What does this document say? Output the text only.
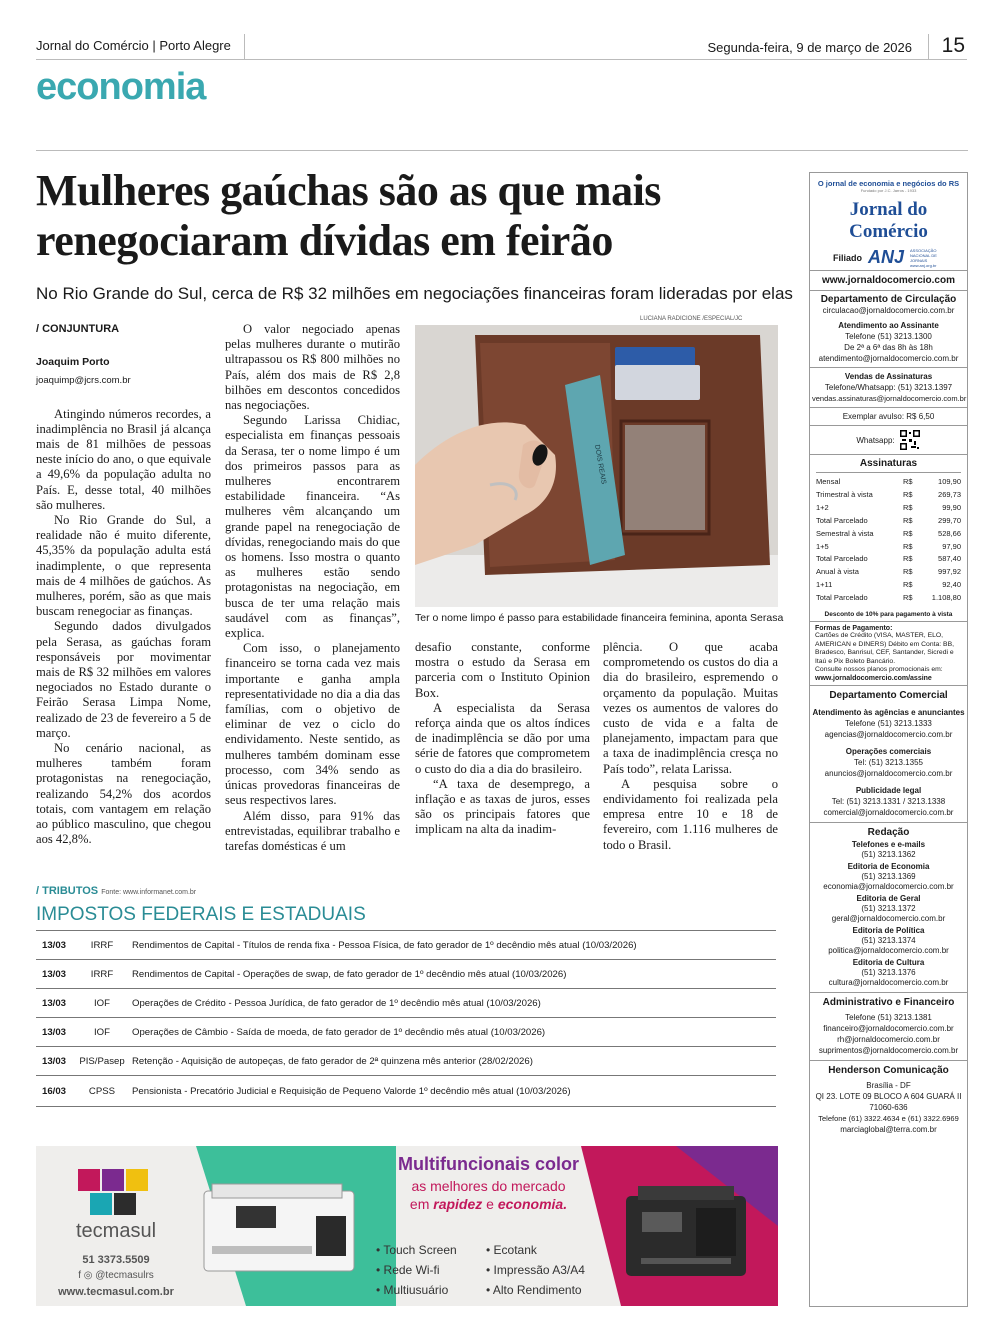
Jornal do Comércio | Porto Alegre	Segunda-feira, 9 de março de 2026 15
economia
Mulheres gaúchas são as que mais renegociaram dívidas em feirão
No Rio Grande do Sul, cerca de R$ 32 milhões em negociações financeiras foram lideradas por elas
/ CONJUNTURA
Joaquim Porto
joaquimp@jcrs.com.br

Atingindo números recordes, a inadimplência no Brasil já alcança mais de 81 milhões de pessoas neste início do ano, o que equivale a 49,6% da população adulta no País. E, desse total, 40 milhões são mulheres.

No Rio Grande do Sul, a realidade não é muito diferente, 45,35% da população adulta está inadimplente, o que representa mais de 4 milhões de gaúchos. As mulheres, porém, são as que mais buscam renegociar as finanças.

Segundo dados divulgados pela Serasa, as gaúchas foram responsáveis por movimentar mais de R$ 32 milhões em valores negociados no Estado durante o Feirão Serasa Limpa Nome, realizado de 23 de fevereiro a 5 de março.

No cenário nacional, as mulheres também foram protagonistas na renegociação, realizando 54,2% dos acordos totais, com vantagem em relação ao público masculino, que chegou aos 42,8%.

O valor negociado apenas pelas mulheres durante o mutirão ultrapassou os R$ 800 milhões no País, além dos mais de R$ 2,8 bilhões em descontos concedidos nas negociações.

Segundo Larissa Chidiac, especialista em finanças pessoais da Serasa, ter o nome limpo é um dos primeiros passos para as mulheres encontrarem estabilidade financeira. “As mulheres vêm alcançando um grande papel na renegociação de dívidas, renegociando mais do que os homens. Isso mostra o quanto as mulheres estão sendo protagonistas na negociação, em busca de ter uma relação mais saudável com as finanças”, explica.

Com isso, o planejamento financeiro se torna cada vez mais importante e ganha ampla representatividade no dia a dia das famílias, com o objetivo de eliminar de vez o ciclo do endividamento. Neste sentido, as mulheres também dominam esse processo, com 34% sendo as únicas provedoras financeiras de seus respectivos lares.

Além disso, para 91% das entrevistadas, equilibrar trabalho e tarefas domésticas é um

LUCIANA RADICIONE /ESPECIAL/JC
DOIS REAIS
Ter o nome limpo é passo para estabilidade financeira feminina, aponta Serasa

desafio constante, conforme mostra o estudo da Serasa em parceria com o Instituto Opinion Box.

A especialista da Serasa reforça ainda que os altos índices de inadimplência se dão por uma série de fatores que comprometem o custo do dia a dia do brasileiro.

“A taxa de desemprego, a inflação e as taxas de juros, esses são os principais fatores que implicam na alta da inadim-

plência. O que acaba comprometendo os custos do dia a dia do brasileiro, espremendo o orçamento da população. Muitas vezes os aumentos de valores do custo de vida e a falta de planejamento, impactam para que a taxa de inadimplência cresça no País todo”, relata Larissa.

A pesquisa sobre o endividamento foi realizada pela empresa entre 10 e 18 de fevereiro, com 1.116 mulheres de todo o Brasil.

/ TRIBUTOS Fonte: www.informanet.com.br
IMPOSTOS FEDERAIS E ESTADUAIS
13/03	IRRF	Rendimentos de Capital - Títulos de renda fixa - Pessoa Física, de fato gerador de 1º decêndio mês atual (10/03/2026)
13/03	IRRF	Rendimentos de Capital - Operações de swap, de fato gerador de 1º decêndio mês atual (10/03/2026)
13/03	IOF	Operações de Crédito - Pessoa Jurídica, de fato gerador de 1º decêndio mês atual (10/03/2026)
13/03	IOF	Operações de Câmbio - Saída de moeda, de fato gerador de 1º decêndio mês atual (10/03/2026)
13/03	PIS/Pasep Retenção - Aquisição de autopeças, de fato gerador de 2ª quinzena mês anterior (28/02/2026)
16/03	CPSS	Pensionista - Precatório Judicial e Requisição de Pequeno Valorde 1º decêndio mês atual (10/03/2026)
O jornal de economia e negócios do RS
Fundado por J.C. Jarros - 1933
Jornal do Comércio
Filiado ANJ ASSOCIAÇÃO NACIONAL DE JORNAIS
www.anj.org.br
www.jornaldocomercio.com
Departamento de Circulação
circulacao@jornaldocomercio.com.br
Atendimento ao Assinante
Telefone (51) 3213.1300
De 2ª a 6ª das 8h às 18h
atendimento@jornaldocomercio.com.br
Vendas de Assinaturas
Telefone/Whatsapp: (51) 3213.1397
vendas.assinaturas@jornaldocomercio.com.br
Exemplar avulso: R$ 6,50
Whatsapp:
Assinaturas
Mensal	R$	109,90
Trimestral à vista	R$	269,73
1+2	R$	99,90
Total Parcelado	R$	299,70
Semestral à vista	R$	528,66
1+5	R$	97,90
Total Parcelado	R$	587,40
Anual à vista	R$	997,92
1+11	R$	92,40
Total Parcelado	R$	1.108,80
Desconto de 10% para pagamento à vista
Formas de Pagamento:
Cartões de Crédito (VISA, MASTER, ELO, AMERICAN e DINERS) Débito em Conta: BB, Bradesco, Banrisul, CEF, Santander, Sicredi e Itaú e Pix Boleto Bancário.
Consulte nossos planos promocionais em:
www.jornaldocomercio.com/assine
Departamento Comercial
Atendimento às agências e anunciantes
Telefone (51) 3213.1333
agencias@jornaldocomercio.com.br
Operações comerciais
Tel: (51) 3213.1355
anuncios@jornaldocomercio.com.br
Publicidade legal
Tel: (51) 3213.1331 / 3213.1338
comercial@jornaldocomercio.com.br
Redação
Telefones e e-mails
(51) 3213.1362
Editoria de Economia
(51) 3213.1369
economia@jornaldocomercio.com.br
Editoria de Geral
(51) 3213.1372
geral@jornaldocomercio.com.br
Editoria de Política
(51) 3213.1374
politica@jornaldocomercio.com.br
Editoria de Cultura
(51) 3213.1376
cultura@jornaldocomercio.com.br
Administrativo e Financeiro
Telefone (51) 3213.1381
financeiro@jornaldocomercio.com.br
rh@jornaldocomercio.com.br
suprimentos@jornaldocomercio.com.br
Henderson Comunicação
Brasília - DF
QI 23. LOTE 09 BLOCO A 604 GUARÁ II
71060-636
Telefone (61) 3322.4634 e (61) 3322.6969
marciaglobal@terra.com.br
tecmasul
51 3373.5509
f ◎ @tecmasulrs
www.tecmasul.com.br
Multifuncionais color
as melhores do mercado
em rapidez e economia.
• Touch Screen
• Rede Wi-fi
• Multiusuário
• Ecotank
• Impressão A3/A4
• Alto Rendimento
